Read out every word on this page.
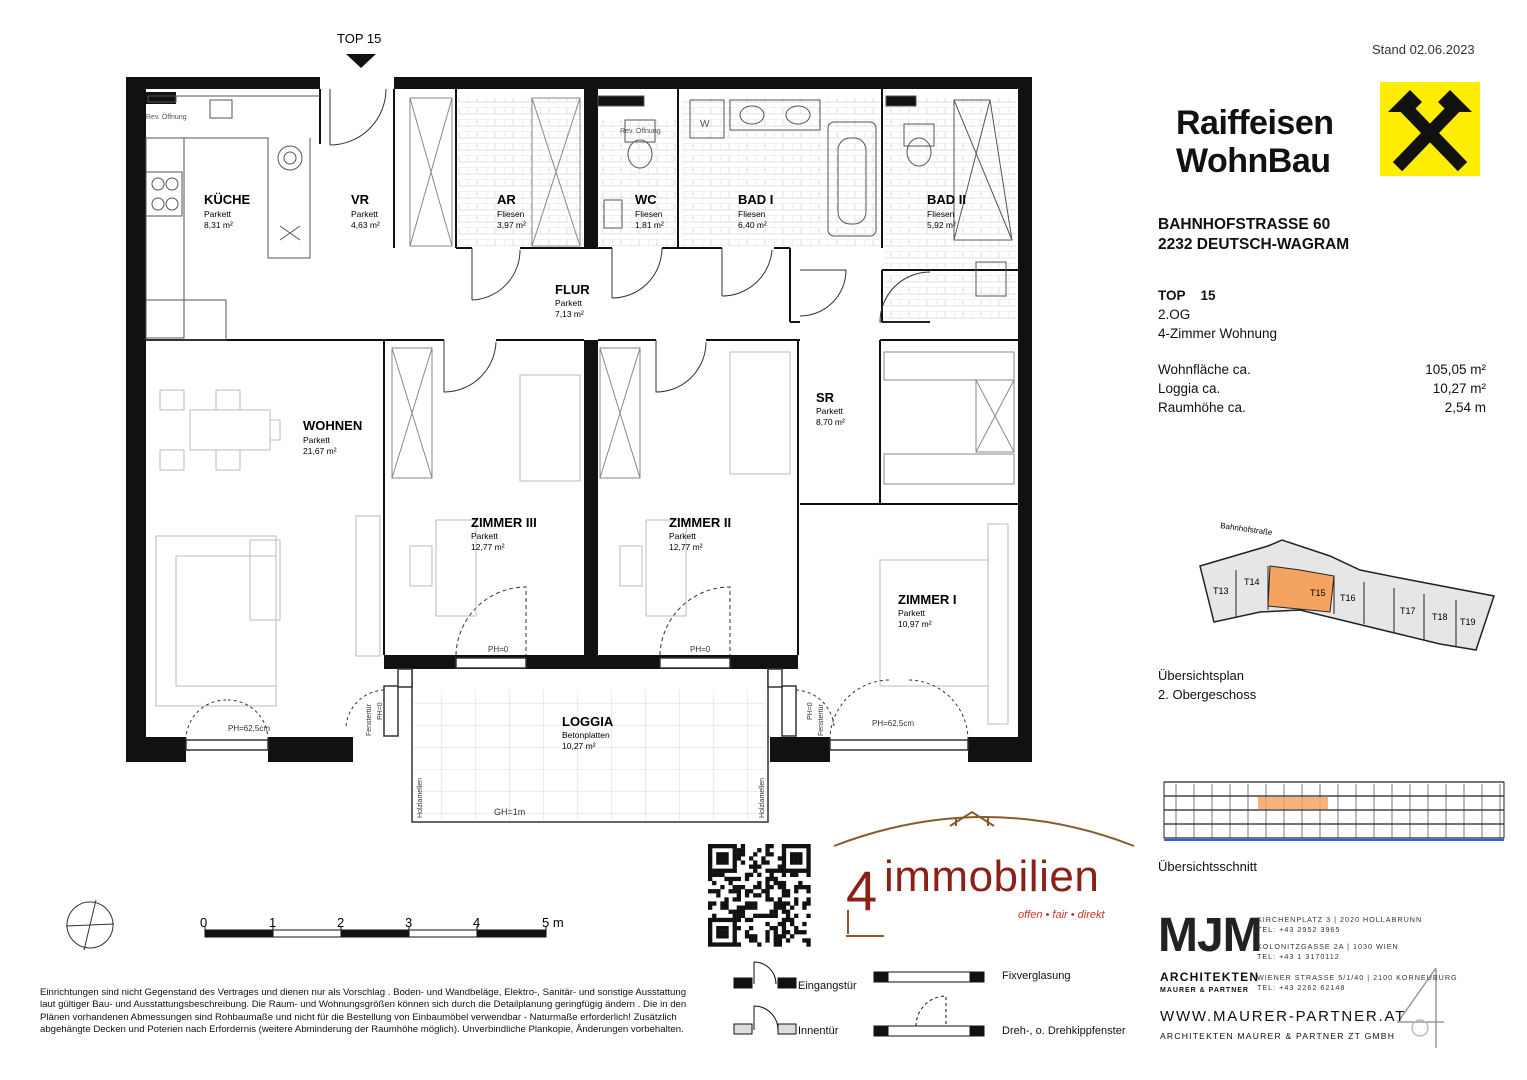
TOP 15
Rev. Öffnung
Rev. Öffnung
W
PH=0	PH=0
PH=62,5cm
PH=62,5cm
Fenstertür PH=0	Fenstertür
PH=0
Holzlamellen	Holzlamellen
GH=1m
KÜCHE
Parkett
8,31 m²
VR
Parkett
4,63 m²
AR
Fliesen
3,97 m²
WC
Fliesen
1,81 m²
BAD I
Fliesen
6,40 m²
BAD II
Fliesen
5,92 m²
FLUR
Parkett
7,13 m²
WOHNEN
Parkett
21,67 m²
SR
Parkett
8,70 m²
ZIMMER III
Parkett
12,77 m²
ZIMMER II
Parkett
12,77 m²
ZIMMER I
Parkett
10,97 m²
LOGGIA
Betonplatten
10,27 m²
0	1	2	3	4	5 m
Bahnhofstraße
T13
T14
T15 T16
T17
T18 T19
Stand 02.06.2023
Raiffeisen
WohnBau
BAHNHOFSTRASSE 60
2232 DEUTSCH-WAGRAM
TOP 15
2.OG
4-Zimmer Wohnung
Wohnfläche ca.	105,05 m²
Loggia ca.	10,27 m²
Raumhöhe ca.	2,54 m
Übersichtsplan
2. Obergeschoss
Übersichtsschnitt
Eingangstür
Innentür
Fixverglasung
Dreh-, o. Drehkippfenster
4 immobilien
offen • fair • direkt MJM
ARCHITEKTEN
MAURER & PARTNER
KIRCHENPLATZ 3 | 2020 HOLLABRUNN
TEL: +43 2952 3965
KOLONITZGASSE 2A | 1030 WIEN
TEL: +43 1 3170112
WIENER STRASSE 5/1/40 | 2100 KORNEUBURG
TEL: +43 2262 62148
WWW.MAURER-PARTNER.AT
ARCHITEKTEN MAURER & PARTNER ZT GMBH
Einrichtungen sind nicht Gegenstand des Vertrages und dienen nur als Vorschlag . Boden- und Wandbeläge, Elektro-, Sanitär- und sonstige Ausstattung laut gültiger Bau- und Ausstattungsbeschreibung. Die Raum- und Wohnungsgrößen können sich durch die Detailplanung geringfügig ändern . Die in den Plänen vorhandenen Abmessungen sind Rohbaumaße und nicht für die Bestellung von Einbaumöbel verwendbar - Naturmaße erforderlich! Zusätzlich abgehängte Decken und Poterien nach Erfordernis (weitere Abminderung der Raumhöhe möglich). Unverbindliche Plankopie, Änderungen vorbehalten.
